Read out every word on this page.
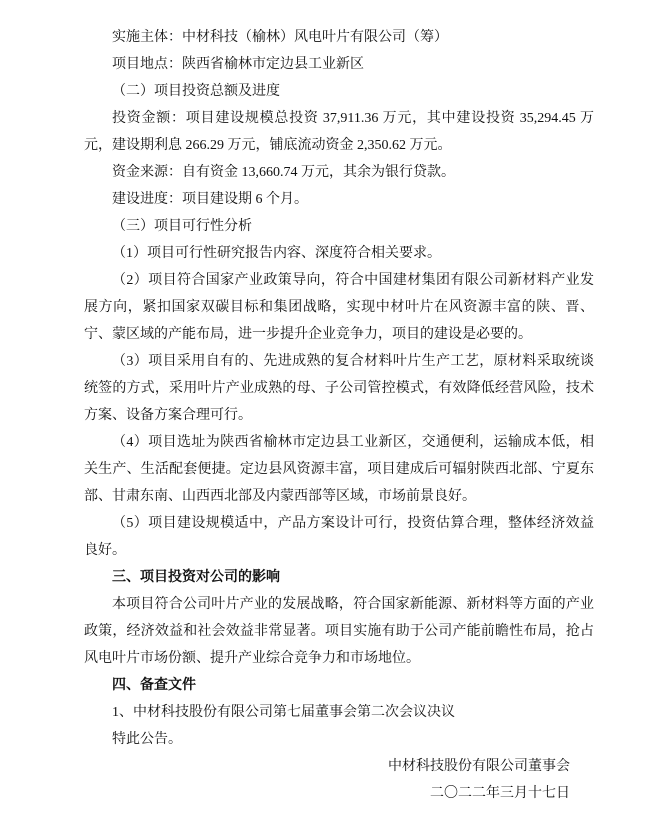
实施主体：中材科技（榆林）风电叶片有限公司（筹）

项目地点：陕西省榆林市定边县工业新区

（二）项目投资总额及进度

投资金额：项目建设规模总投资 37,911.36 万元，其中建设投资 35,294.45 万元，建设期利息 266.29 万元，铺底流动资金 2,350.62 万元。

资金来源：自有资金 13,660.74 万元，其余为银行贷款。

建设进度：项目建设期 6 个月。

（三）项目可行性分析

（1）项目可行性研究报告内容、深度符合相关要求。

（2）项目符合国家产业政策导向，符合中国建材集团有限公司新材料产业发展方向，紧扣国家双碳目标和集团战略，实现中材叶片在风资源丰富的陕、晋、宁、蒙区域的产能布局，进一步提升企业竞争力，项目的建设是必要的。

（3）项目采用自有的、先进成熟的复合材料叶片生产工艺，原材料采取统谈统签的方式，采用叶片产业成熟的母、子公司管控模式，有效降低经营风险，技术方案、设备方案合理可行。

（4）项目选址为陕西省榆林市定边县工业新区，交通便利，运输成本低，相关生产、生活配套便捷。定边县风资源丰富，项目建成后可辐射陕西北部、宁夏东部、甘肃东南、山西西北部及内蒙西部等区域，市场前景良好。

（5）项目建设规模适中，产品方案设计可行，投资估算合理，整体经济效益良好。

三、项目投资对公司的影响

本项目符合公司叶片产业的发展战略，符合国家新能源、新材料等方面的产业政策，经济效益和社会效益非常显著。项目实施有助于公司产能前瞻性布局，抢占风电叶片市场份额、提升产业综合竞争力和市场地位。

四、备查文件

1、中材科技股份有限公司第七届董事会第二次会议决议

特此公告。

中材科技股份有限公司董事会

二〇二二年三月十七日
